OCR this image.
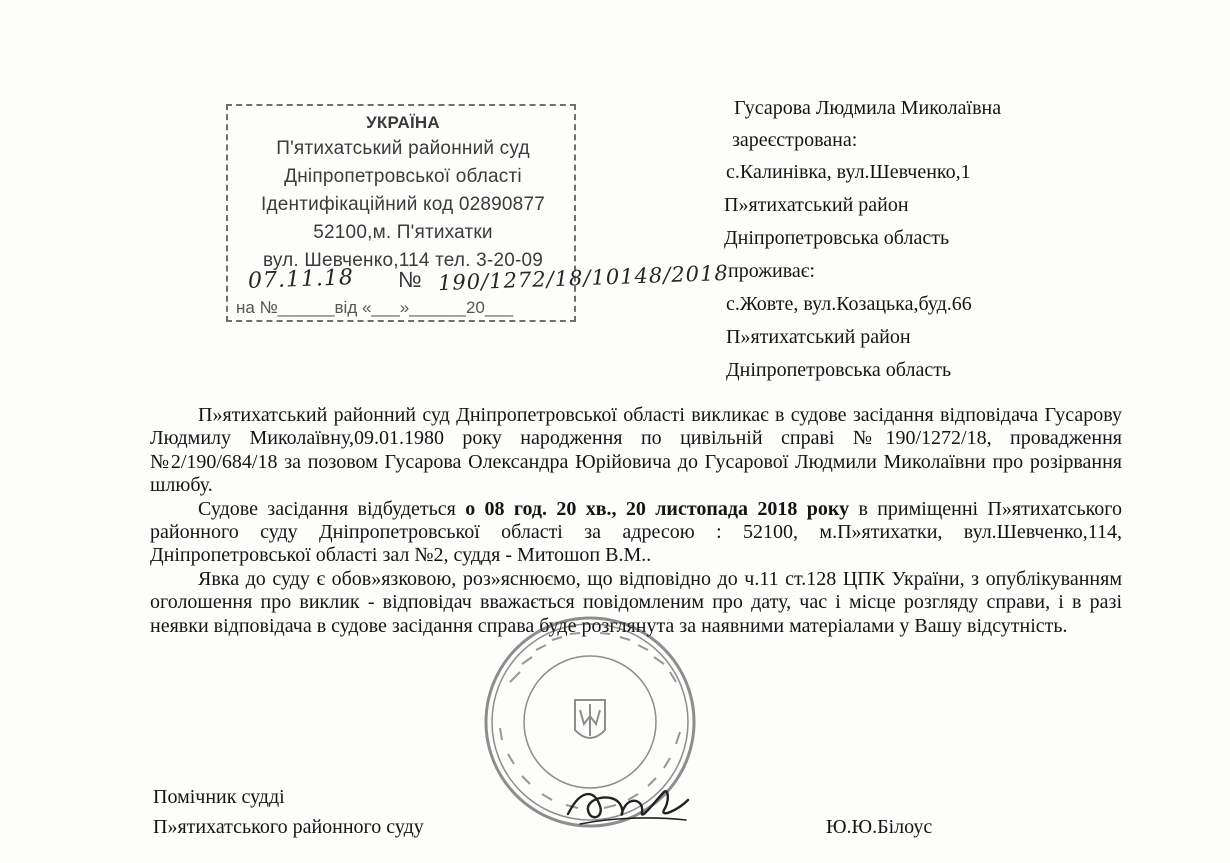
УКРАЇНА
П'ятихатський районний суд
Дніпропетровської області
Ідентифікаційний код 02890877
52100,м. П'ятихатки
вул. Шевченко,114 тел. 3-20-09
07.11.18 № 190/1272/18/10148/2018
на №______від «___»______20___
Гусарова Людмила Миколаївна
зареєстрована:
с.Калинівка, вул.Шевченко,1
П»ятихатський район
Дніпропетровська область
проживає:
с.Жовте, вул.Козацька,буд.66
П»ятихатський район
Дніпропетровська область

П»ятихатський районний суд Дніпропетровської області викликає в судове засідання відповідача Гусарову Людмилу Миколаївну,09.01.1980 року народження по цивільній справі №190/1272/18, провадження №2/190/684/18 за позовом Гусарова Олександра Юрійовича до Гусарової Людмили Миколаївни про розірвання шлюбу.

Судове засідання відбудеться о 08 год. 20 хв., 20 листопада 2018 року в приміщенні П»ятихатського районного суду Дніпропетровської області за адресою : 52100, м.П»ятихатки, вул.Шевченко,114, Дніпропетровської області зал №2, суддя - Митошоп В.М..

Явка до суду є обов»язковою, роз»яснюємо, що відповідно до ч.11 ст.128 ЦПК України, з опублікуванням оголошення про виклик - відповідач вважається повідомленим про дату, час і місце розгляду справи, і в разі неявки відповідача в судове засідання справа буде розглянута за наявними матеріалами у Вашу відсутність.

Помічник судді
П»ятихатського районного суду	Ю.Ю.Білоус
